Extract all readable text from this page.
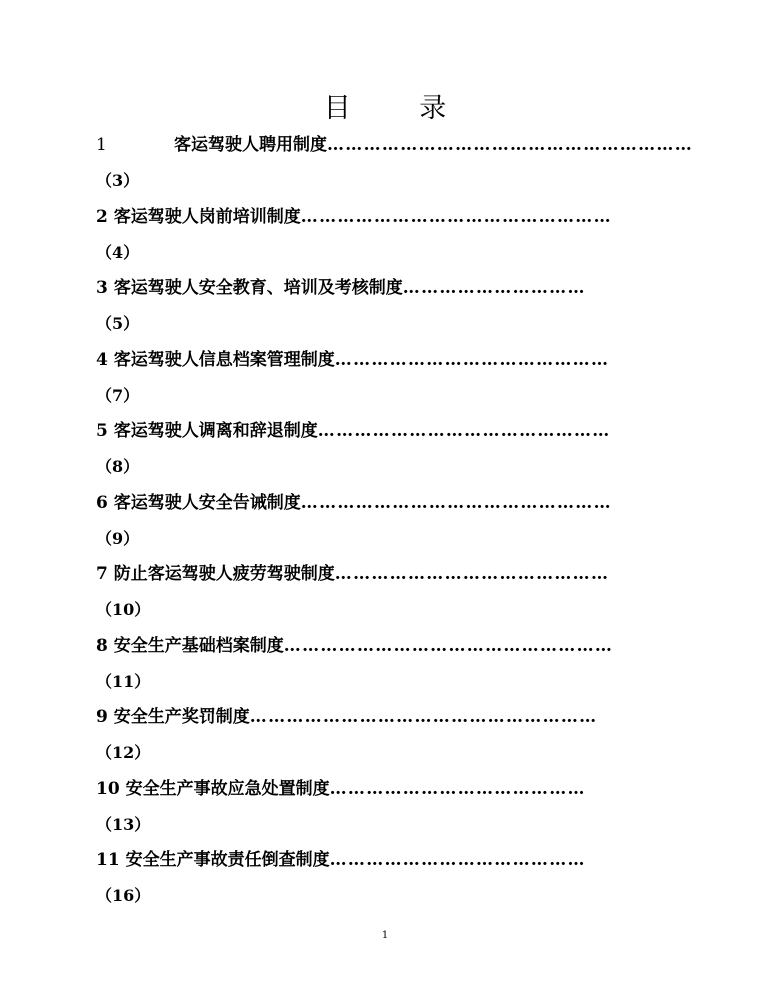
目 录
1	客运驾驶人聘用制度……………………………………………………
（3）
2 客运驾驶人岗前培训制度……………………………………………
（4）
3 客运驾驶人安全教育、培训及考核制度…………………………
（5）
4 客运驾驶人信息档案管理制度………………………………………
（7）
5 客运驾驶人调离和辞退制度…………………………………………
（8）
6 客运驾驶人安全告诫制度……………………………………………
（9）
7 防止客运驾驶人疲劳驾驶制度………………………………………
（10）
8 安全生产基础档案制度………………………………………………
（11）
9 安全生产奖罚制度…………………………………………………
（12）
10 安全生产事故应急处置制度……………………………………
（13）
11 安全生产事故责任倒查制度……………………………………
（16）
1
